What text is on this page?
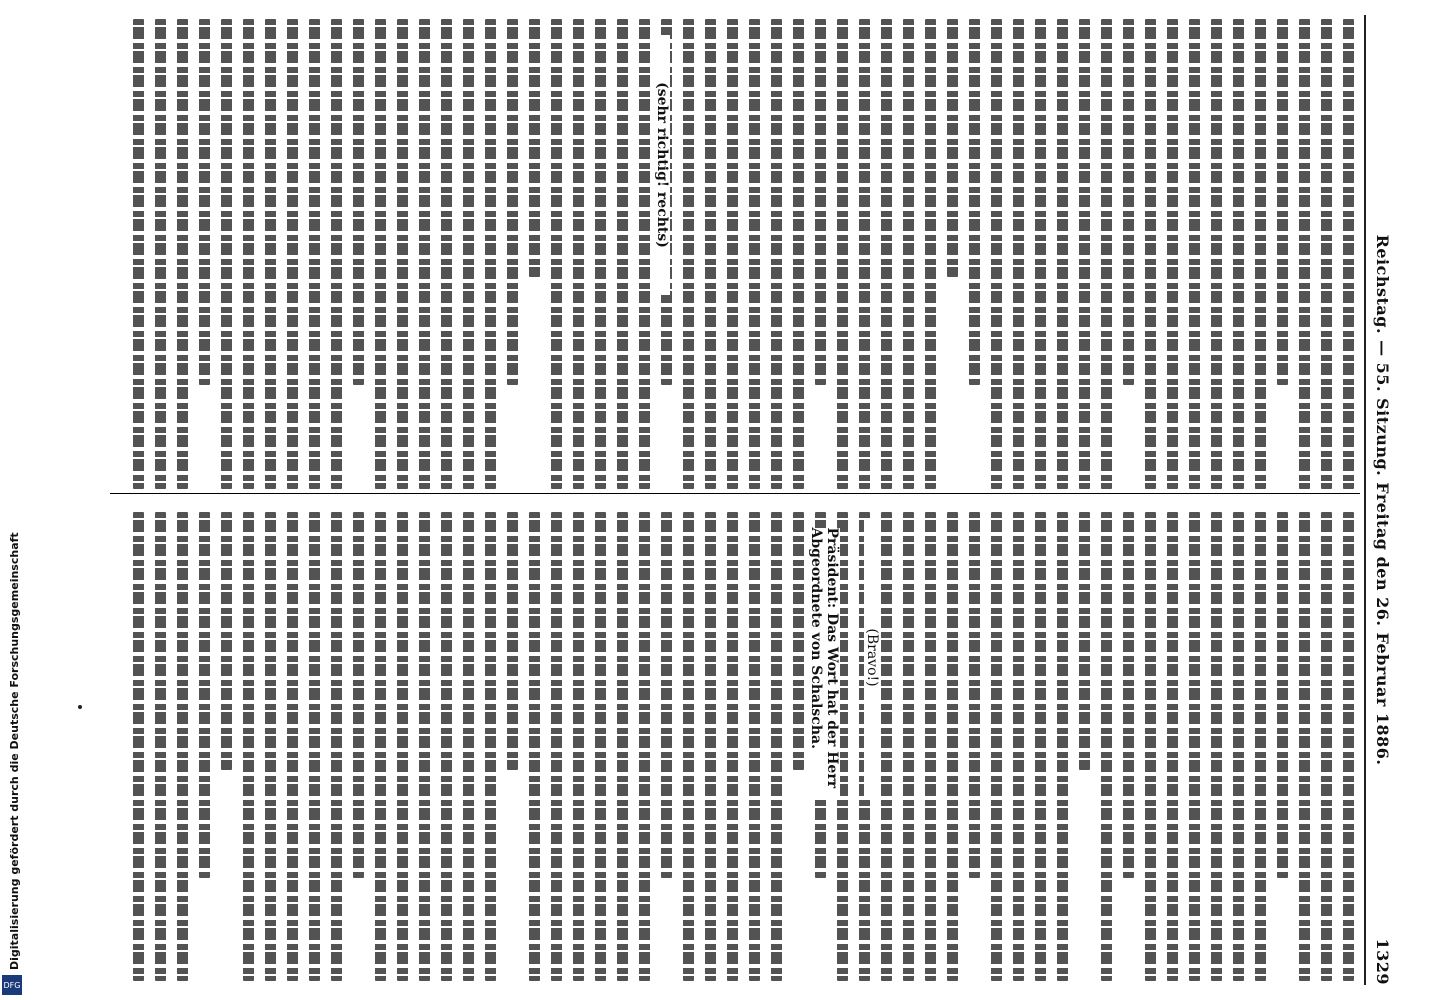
Digitalisierung gefördert durch die Deutsche Forschungsgemeinschaft
DFG
Reichstag. — 55. Sitzung. Freitag den 26. Februar 1886.
1329
(sehr richtig! rechts)
(Bravo!)
Präsident: Das Wort hat der Herr Abgeordnete von Schalscha.
